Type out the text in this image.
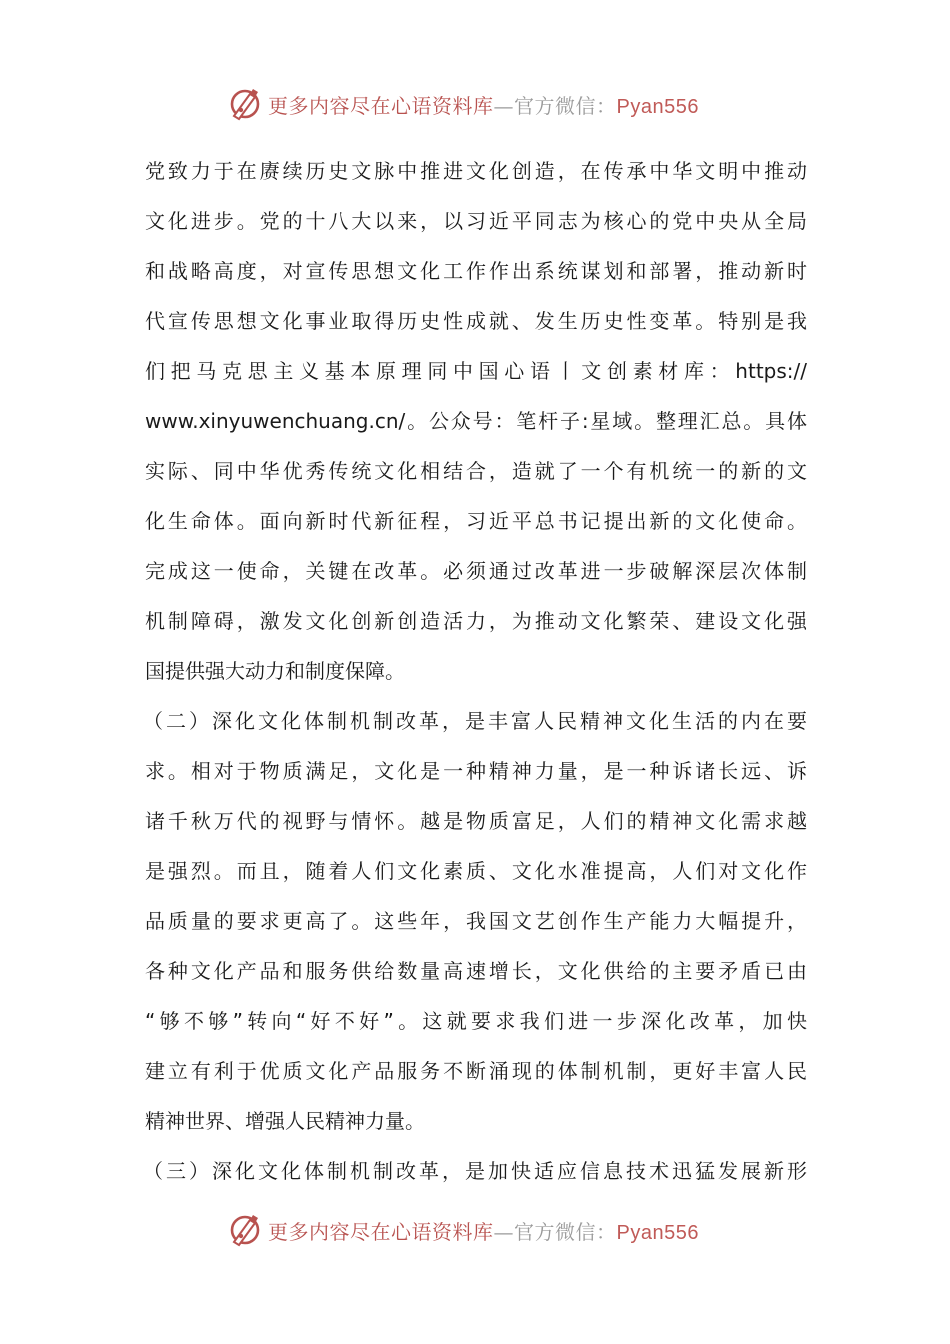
更多内容尽在心语资料库—官方微信：Pyan556
党致力于在赓续历史文脉中推进文化创造，在传承中华文明中推动
文化进步。党的十八大以来，以习近平同志为核心的党中央从全局
和战略高度，对宣传思想文化工作作出系统谋划和部署，推动新时
代宣传思想文化事业取得历史性成就、发生历史性变革。特别是我
们把马克思主义基本原理同中国心语丨文创素材库：https://
www.xinyuwenchuang.cn/。公众号：笔杆子:星域。整理汇总。具体
实际、同中华优秀传统文化相结合，造就了一个有机统一的新的文
化生命体。面向新时代新征程，习近平总书记提出新的文化使命。
完成这一使命，关键在改革。必须通过改革进一步破解深层次体制
机制障碍，激发文化创新创造活力，为推动文化繁荣、建设文化强
国提供强大动力和制度保障。
（二）深化文化体制机制改革，是丰富人民精神文化生活的内在要
求。相对于物质满足，文化是一种精神力量，是一种诉诸长远、诉
诸千秋万代的视野与情怀。越是物质富足，人们的精神文化需求越
是强烈。而且，随着人们文化素质、文化水准提高，人们对文化作
品质量的要求更高了。这些年，我国文艺创作生产能力大幅提升，
各种文化产品和服务供给数量高速增长，文化供给的主要矛盾已由
“够不够”转向“好不好”。这就要求我们进一步深化改革，加快
建立有利于优质文化产品服务不断涌现的体制机制，更好丰富人民
精神世界、增强人民精神力量。
（三）深化文化体制机制改革，是加快适应信息技术迅猛发展新形
更多内容尽在心语资料库—官方微信：Pyan556
